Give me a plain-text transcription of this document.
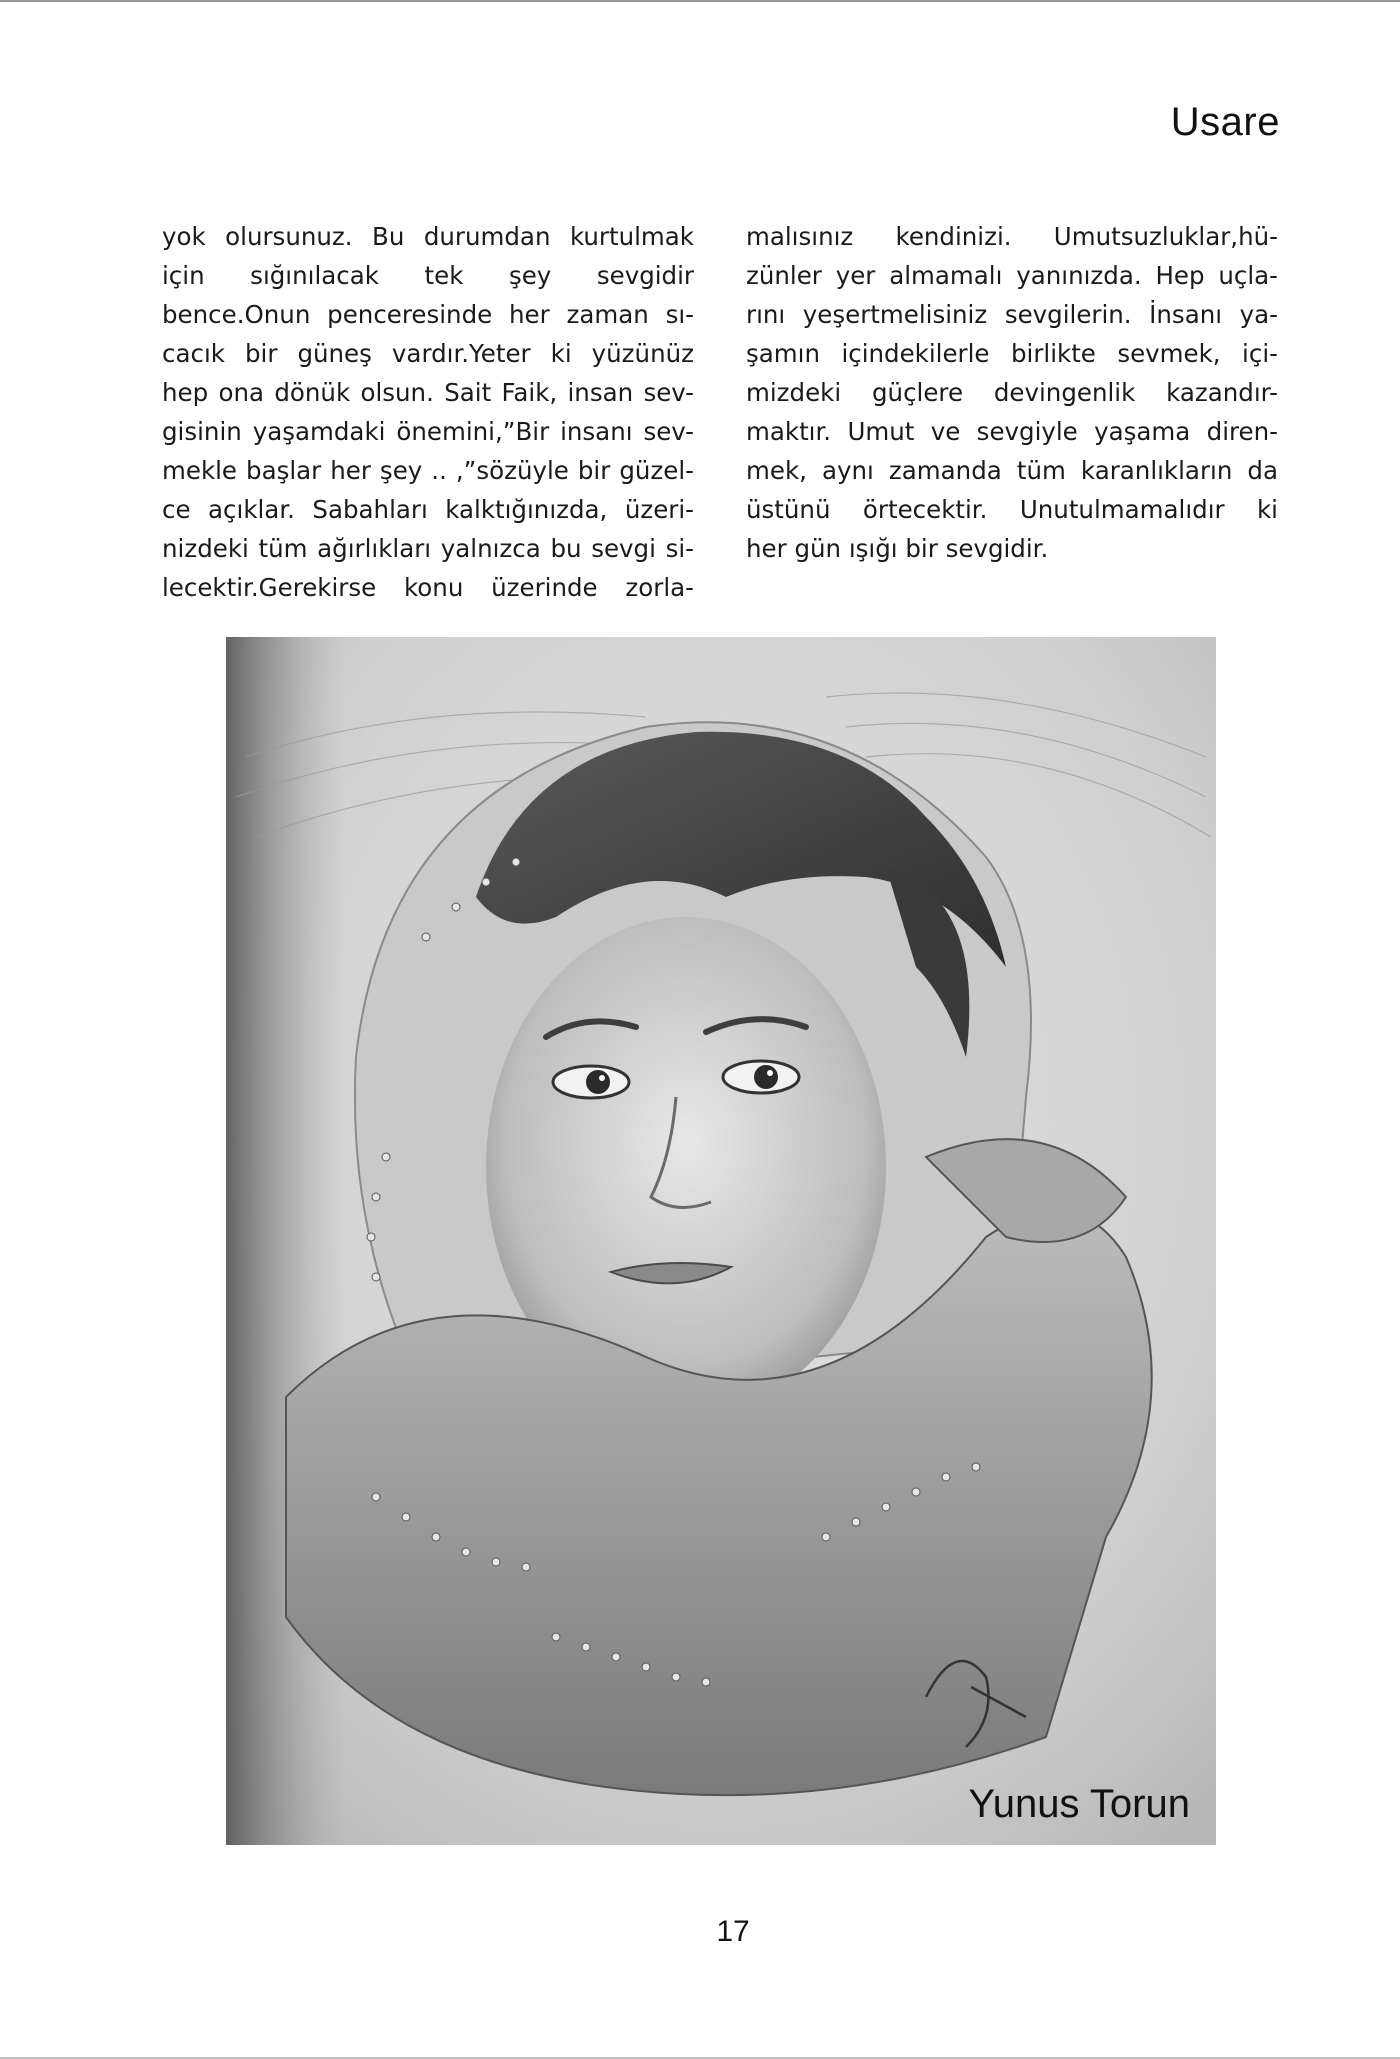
Usare
yok olursunuz. Bu durumdan kurtulmak
için sığınılacak tek şey sevgidir
bence.Onun penceresinde her zaman sı-
cacık bir güneş vardır.Yeter ki yüzünüz
hep ona dönük olsun. Sait Faik, insan sev-
gisinin yaşamdaki önemini,”Bir insanı sev-
mekle başlar her şey .. ,”sözüyle bir güzel-
ce açıklar. Sabahları kalktığınızda, üzeri-
nizdeki tüm ağırlıkları yalnızca bu sevgi si-
lecektir.Gerekirse konu üzerinde zorla-
malısınız kendinizi. Umutsuzluklar,hü-
zünler yer almamalı yanınızda. Hep uçla-
rını yeşertmelisiniz sevgilerin. İnsanı ya-
şamın içindekilerle birlikte sevmek, içi-
mizdeki güçlere devingenlik kazandır-
maktır. Umut ve sevgiyle yaşama diren-
mek, aynı zamanda tüm karanlıkların da
üstünü örtecektir. Unutulmamalıdır ki
her gün ışığı bir sevgidir.
Yunus Torun
17
